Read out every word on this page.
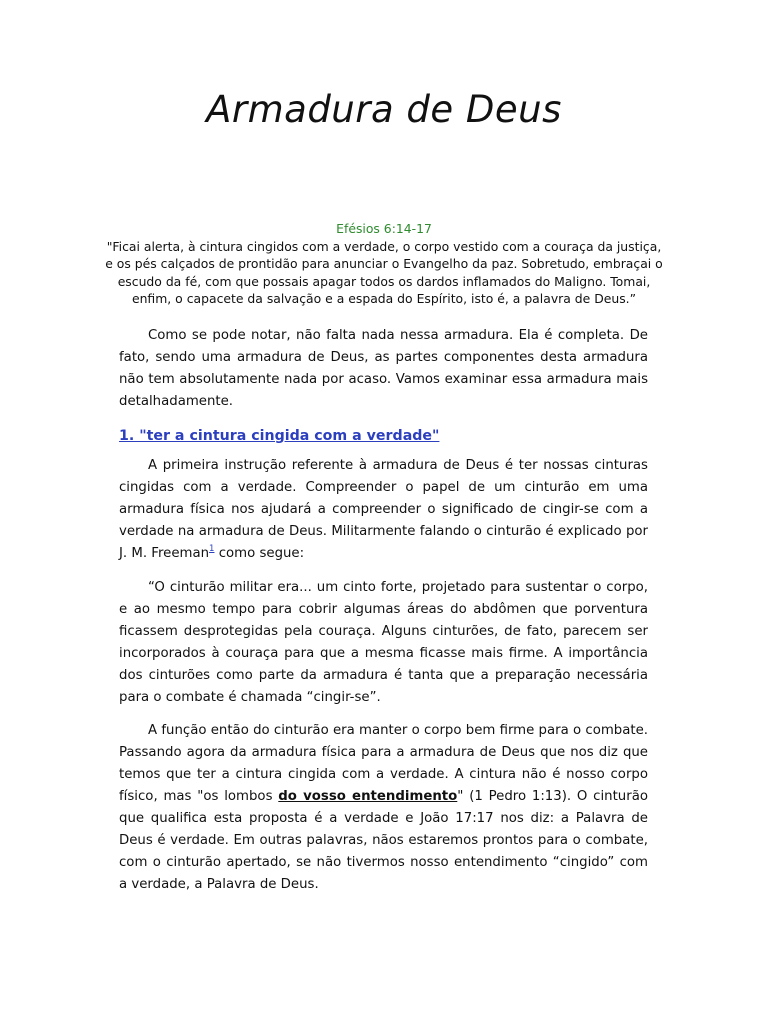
Armadura de Deus
Efésios 6:14-17
"Ficai alerta, à cintura cingidos com a verdade, o corpo vestido com a couraça da justiça, e os pés calçados de prontidão para anunciar o Evangelho da paz. Sobretudo, embraçai o escudo da fé, com que possais apagar todos os dardos inflamados do Maligno. Tomai, enfim, o capacete da salvação e a espada do Espírito, isto é, a palavra de Deus.”

Como se pode notar, não falta nada nessa armadura. Ela é completa. De fato, sendo uma armadura de Deus, as partes componentes desta armadura não tem absolutamente nada por acaso. Vamos examinar essa armadura mais detalhadamente.

1. "ter a cintura cingida com a verdade"

A primeira instrução referente à armadura de Deus é ter nossas cinturas cingidas com a verdade. Compreender o papel de um cinturão em uma armadura física nos ajudará a compreender o significado de cingir-se com a verdade na armadura de Deus. Militarmente falando o cinturão é explicado por J. M. Freeman$^1$ como segue:

“O cinturão militar era... um cinto forte, projetado para sustentar o corpo, e ao mesmo tempo para cobrir algumas áreas do abdômen que porventura ficassem desprotegidas pela couraça. Alguns cinturões, de fato, parecem ser incorporados à couraça para que a mesma ficasse mais firme. A importância dos cinturões como parte da armadura é tanta que a preparação necessária para o combate é chamada “cingir-se”.

A função então do cinturão era manter o corpo bem firme para o combate. Passando agora da armadura física para a armadura de Deus que nos diz que temos que ter a cintura cingida com a verdade. A cintura não é nosso corpo físico, mas "os lombos do vosso entendimento" (1 Pedro 1:13). O cinturão que qualifica esta proposta é a verdade e João 17:17 nos diz: a Palavra de Deus é verdade. Em outras palavras, nãos estaremos prontos para o combate, com o cinturão apertado, se não tivermos nosso entendimento “cingido” com a verdade, a Palavra de Deus.
